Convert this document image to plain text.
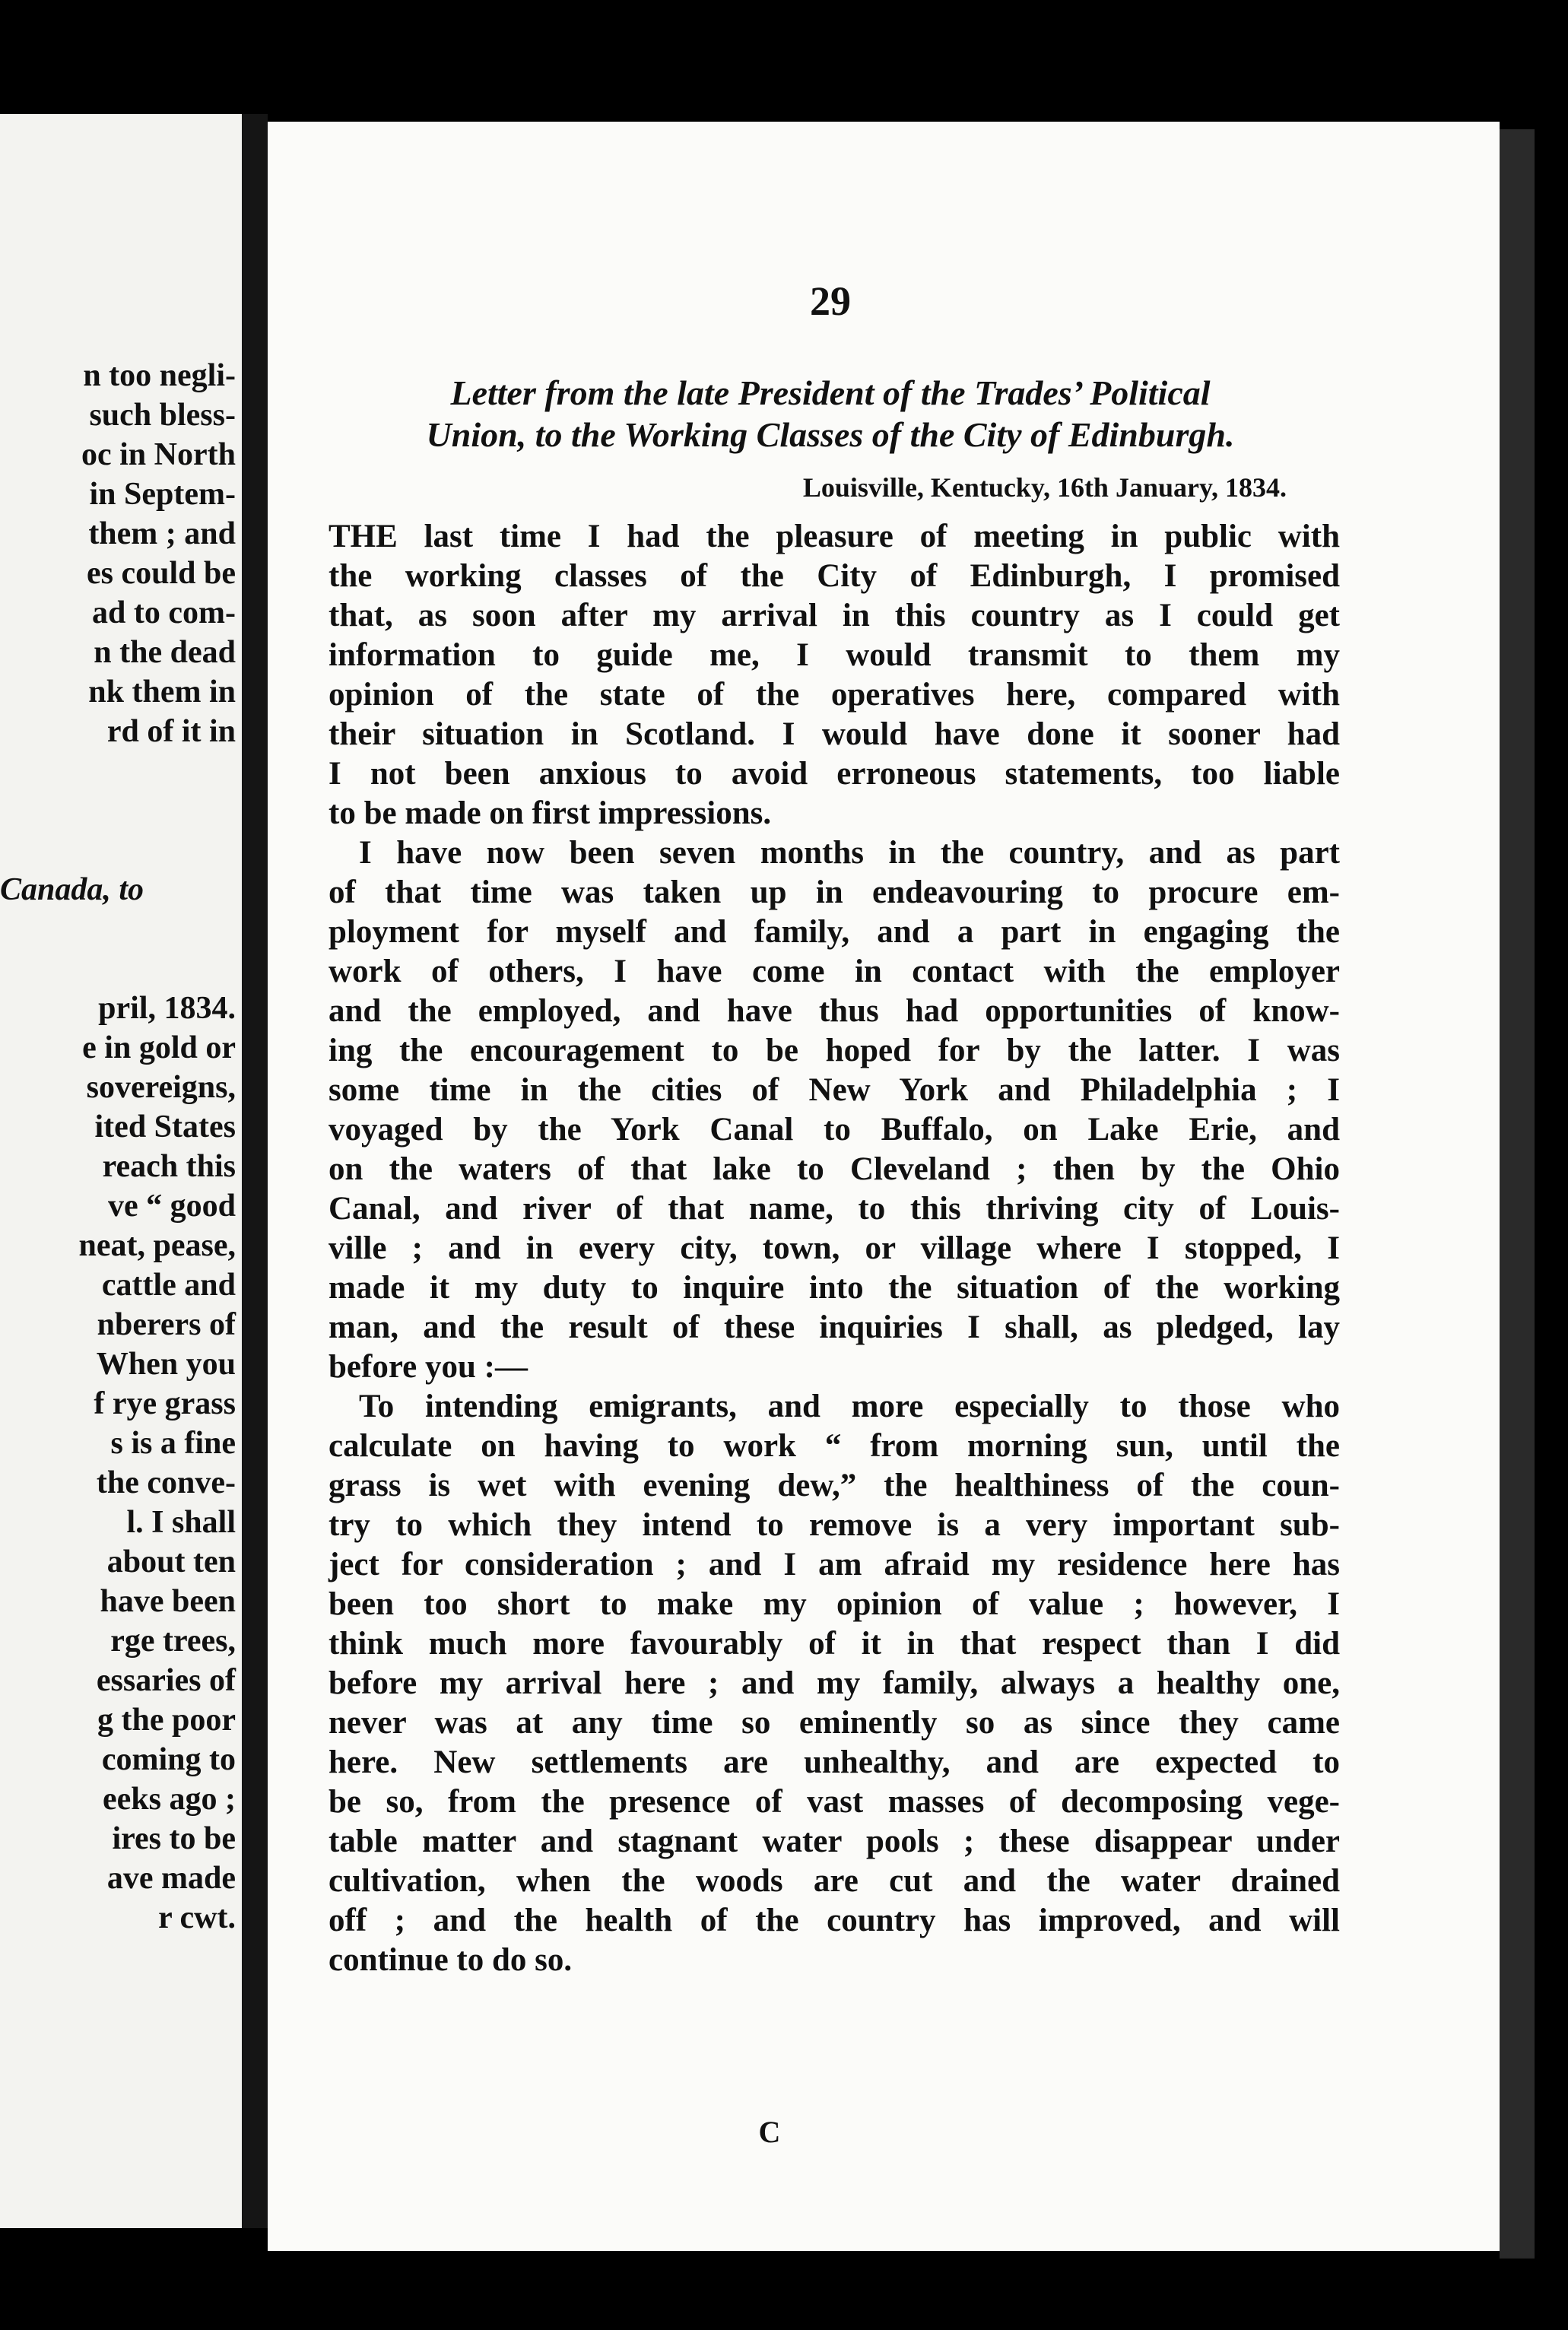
n too negli-
such bless-
oc in North
in Septem-
them ; and
es could be
ad to com-
n the dead
nk them in
rd of it in
Canada, to
pril, 1834.
e in gold or
sovereigns,
ited States
reach this
ve “ good
neat, pease,
cattle and
nberers of
When you
f rye grass
s is a fine
the conve-
l. I shall
about ten
have been
rge trees,
essaries of
g the poor
coming to
eeks ago ;
ires to be
ave made
r cwt.
29
Letter from the late President of the Trades’ Political
Union, to the Working Classes of the City of Edinburgh.
Louisville, Kentucky, 16th January, 1834.
THE last time I had the pleasure of meeting in public with
the working classes of the City of Edinburgh, I promised
that, as soon after my arrival in this country as I could get
information to guide me, I would transmit to them my
opinion of the state of the operatives here, compared with
their situation in Scotland. I would have done it sooner had
I not been anxious to avoid erroneous statements, too liable
to be made on first impressions.
I have now been seven months in the country, and as part
of that time was taken up in endeavouring to procure em-
ployment for myself and family, and a part in engaging the
work of others, I have come in contact with the employer
and the employed, and have thus had opportunities of know-
ing the encouragement to be hoped for by the latter. I was
some time in the cities of New York and Philadelphia ; I
voyaged by the York Canal to Buffalo, on Lake Erie, and
on the waters of that lake to Cleveland ; then by the Ohio
Canal, and river of that name, to this thriving city of Louis-
ville ; and in every city, town, or village where I stopped, I
made it my duty to inquire into the situation of the working
man, and the result of these inquiries I shall, as pledged, lay
before you :—
To intending emigrants, and more especially to those who
calculate on having to work “ from morning sun, until the
grass is wet with evening dew,” the healthiness of the coun-
try to which they intend to remove is a very important sub-
ject for consideration ; and I am afraid my residence here has
been too short to make my opinion of value ; however, I
think much more favourably of it in that respect than I did
before my arrival here ; and my family, always a healthy one,
never was at any time so eminently so as since they came
here. New settlements are unhealthy, and are expected to
be so, from the presence of vast masses of decomposing vege-
table matter and stagnant water pools ; these disappear under
cultivation, when the woods are cut and the water drained
off ; and the health of the country has improved, and will
continue to do so.
C
